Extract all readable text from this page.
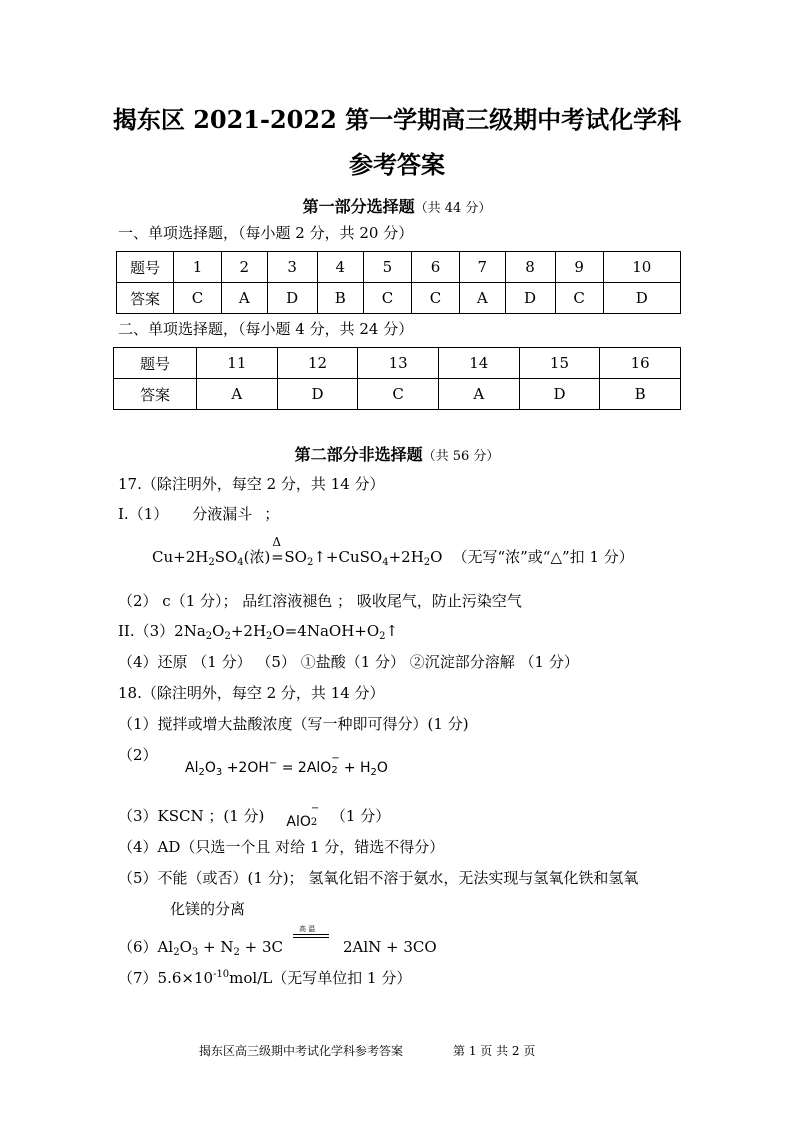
揭东区 2021-2022 第一学期高三级期中考试化学科
参考答案
第一部分选择题（共 44 分）
一、单项选择题，（每小题 2 分，共 20 分）
题号	1	2	3	4	5	6	7	8	9	10
答案	C	A	D	B	C	C	A	D	C	D
二、单项选择题，（每小题 4 分，共 24 分）
题号	11	12	13	14	15	16
答案	A	D	C	A	D	B
第二部分非选择题（共 56 分）
17.（除注明外，每空 2 分，共 14 分）
I.（1） 分液漏斗 ；
$Cu+2H_2SO_4$(浓)
Δ
$=SO_2↑+CuSO_4+2H_2O$ （无写“浓”或“△”扣 1 分）
（2） c（1 分）； 品红溶液褪色 ； 吸收尾气，防止污染空气
$II.(3)2Na_2O_2+2H_2O=4NaOH+O_2↑$
（4）还原 （1 分） （5） ①盐酸（1 分） ②沉淀部分溶解 （1 分）
18.（除注明外，每空 2 分，共 14 分）
（1）搅拌或增大盐酸浓度（写一种即可得分）(1 分)
（2）
$Al_2O_3 +2OH^- = 2AlO$
−
$2 + H_2O$
（3）KSCN ；(1 分) AlO
−
2 （1 分）
（4）AD（只选一个且 对给 1 分，错选不得分）
（5）不能（或否）(1 分)； 氢氧化铝不溶于氨水，无法实现与氢氧化铁和氢氧
化镁的分离
$(6)Al_2O_3 + N_2 + 3C$
高 温
2AlN + 3CO
$(7)5.6\times 10^{-10}mol/L$（无写单位扣 1 分）
揭东区高三级期中考试化学科参考答案	第 1 页 共 2 页
